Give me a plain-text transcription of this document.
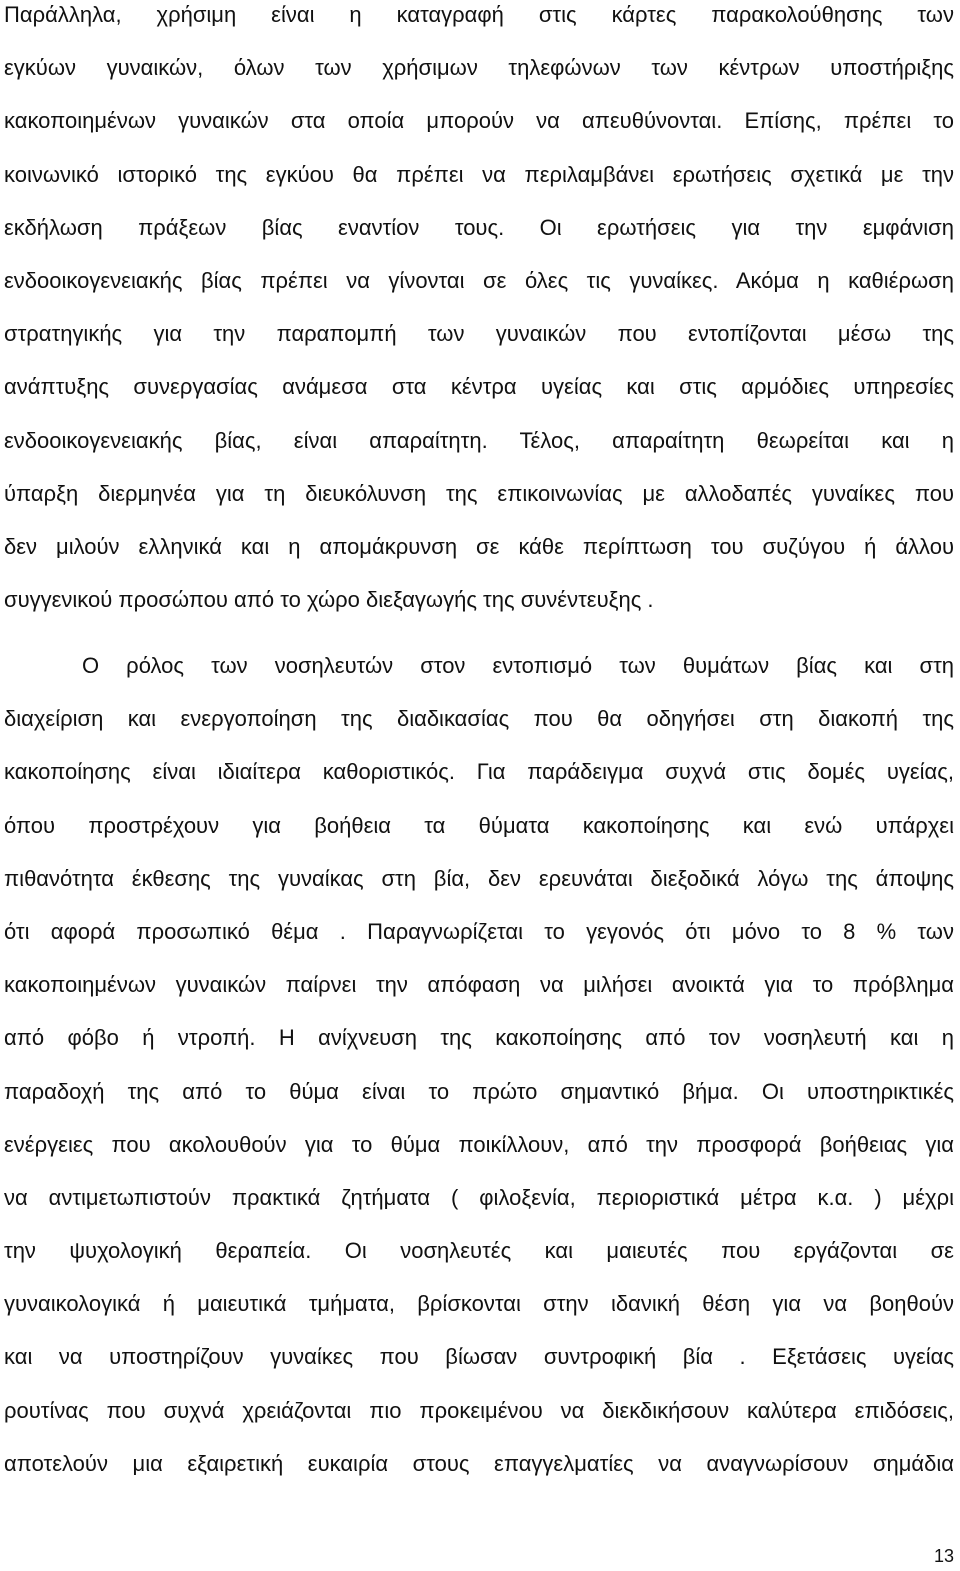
Παράλληλα, χρήσιμη είναι η καταγραφή στις κάρτες παρακολούθησης των
εγκύων γυναικών, όλων των χρήσιμων τηλεφώνων των κέντρων υποστήριξης
κακοποιημένων γυναικών στα οποία μπορούν να απευθύνονται. Επίσης, πρέπει το
κοινωνικό ιστορικό της εγκύου θα πρέπει να περιλαμβάνει ερωτήσεις σχετικά με την
εκδήλωση πράξεων βίας εναντίον τους. Οι ερωτήσεις για την εμφάνιση
ενδοοικογενειακής βίας πρέπει να γίνονται σε όλες τις γυναίκες. Ακόμα η καθιέρωση
στρατηγικής για την παραπομπή των γυναικών που εντοπίζονται μέσω της
ανάπτυξης συνεργασίας ανάμεσα στα κέντρα υγείας και στις αρμόδιες υπηρεσίες
ενδοοικογενειακής βίας, είναι απαραίτητη. Τέλος, απαραίτητη θεωρείται και η
ύπαρξη διερμηνέα για τη διευκόλυνση της επικοινωνίας με αλλοδαπές γυναίκες που
δεν μιλούν ελληνικά και η απομάκρυνση σε κάθε περίπτωση του συζύγου ή άλλου
συγγενικού προσώπου από το χώρο διεξαγωγής της συνέντευξης .
Ο ρόλος των νοσηλευτών στον εντοπισμό των θυμάτων βίας και στη
διαχείριση και ενεργοποίηση της διαδικασίας που θα οδηγήσει στη διακοπή της
κακοποίησης είναι ιδιαίτερα καθοριστικός. Για παράδειγμα συχνά στις δομές υγείας,
όπου προστρέχουν για βοήθεια τα θύματα κακοποίησης και ενώ υπάρχει
πιθανότητα έκθεσης της γυναίκας στη βία, δεν ερευνάται διεξοδικά λόγω της άποψης
ότι αφορά προσωπικό θέμα . Παραγνωρίζεται το γεγονός ότι μόνο το 8 % των
κακοποιημένων γυναικών παίρνει την απόφαση να μιλήσει ανοικτά για το πρόβλημα
από φόβο ή ντροπή. Η ανίχνευση της κακοποίησης από τον νοσηλευτή και η
παραδοχή της από το θύμα είναι το πρώτο σημαντικό βήμα. Οι υποστηρικτικές
ενέργειες που ακολουθούν για το θύμα ποικίλλουν, από την προσφορά βοήθειας για
να αντιμετωπιστούν πρακτικά ζητήματα ( φιλοξενία, περιοριστικά μέτρα κ.α. ) μέχρι
την ψυχολογική θεραπεία. Οι νοσηλευτές και μαιευτές που εργάζονται σε
γυναικολογικά ή μαιευτικά τμήματα, βρίσκονται στην ιδανική θέση για να βοηθούν
και να υποστηρίζουν γυναίκες που βίωσαν συντροφική βία . Εξετάσεις υγείας
ρουτίνας που συχνά χρειάζονται πιο προκειμένου να διεκδικήσουν καλύτερα επιδόσεις,
αποτελούν μια εξαιρετική ευκαιρία στους επαγγελματίες να αναγνωρίσουν σημάδια
13
